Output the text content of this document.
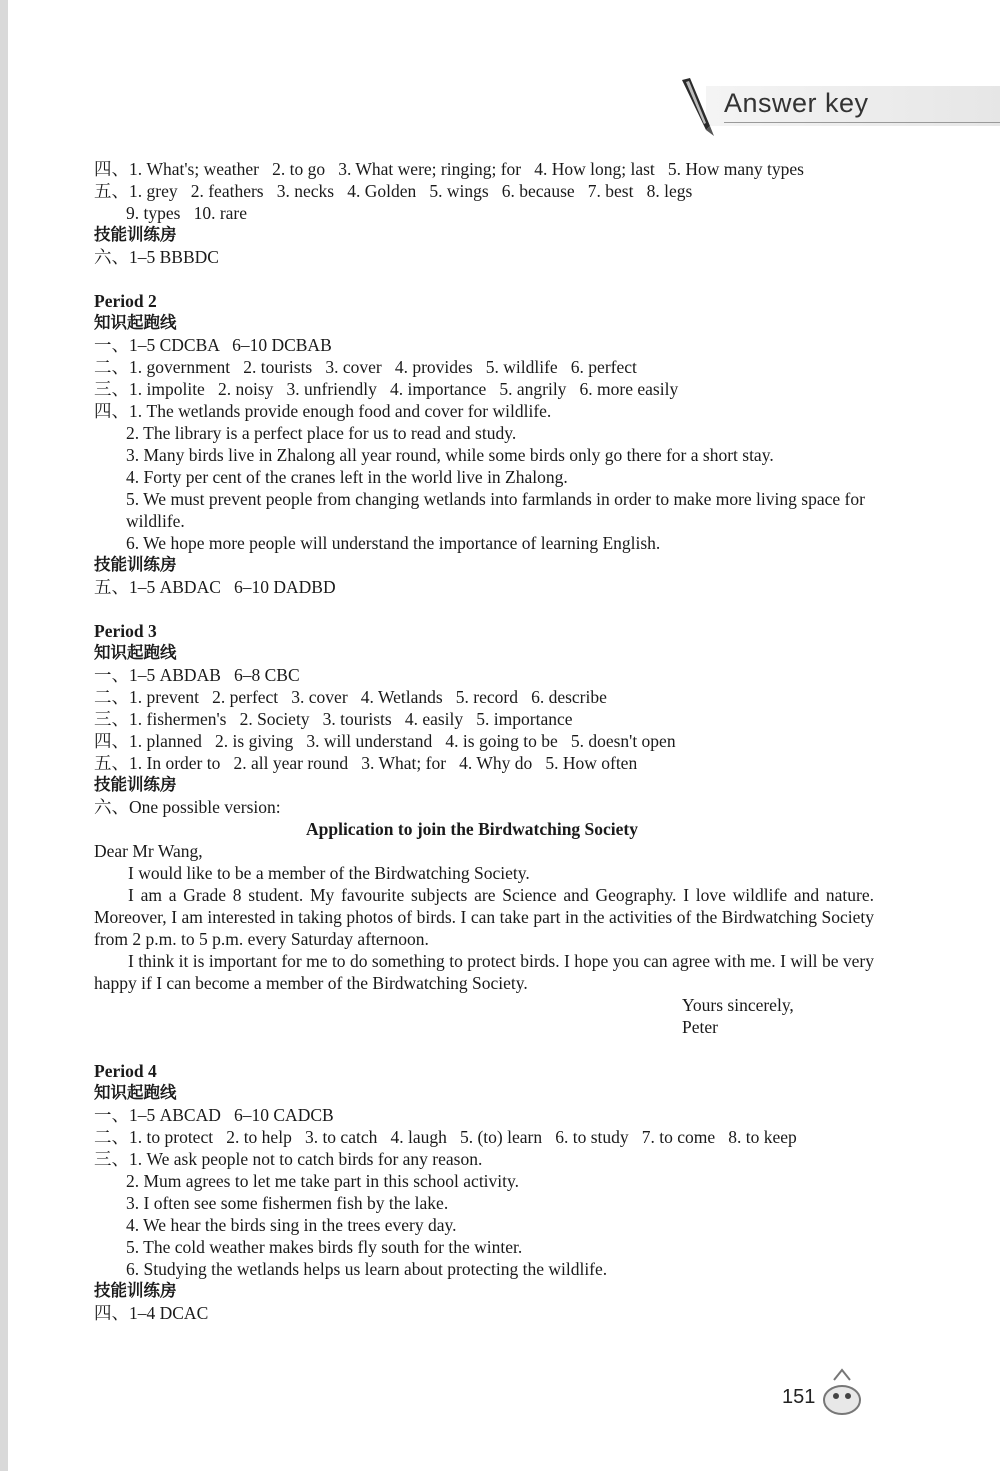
Answer key
四、1. What's; weather   2. to go   3. What were; ringing; for   4. How long; last   5. How many types
五、1. grey   2. feathers   3. necks   4. Golden   5. wings   6. because   7. best   8. legs
9. types   10. rare
技能训练房
六、1–5 BBBDC
Period 2
知识起跑线
一、1–5 CDCBA   6–10 DCBAB
二、1. government   2. tourists   3. cover   4. provides   5. wildlife   6. perfect
三、1. impolite   2. noisy   3. unfriendly   4. importance   5. angrily   6. more easily
四、1. The wetlands provide enough food and cover for wildlife.
2. The library is a perfect place for us to read and study.
3. Many birds live in Zhalong all year round, while some birds only go there for a short stay.
4. Forty per cent of the cranes left in the world live in Zhalong.
5. We must prevent people from changing wetlands into farmlands in order to make more living space for wildlife.
6. We hope more people will understand the importance of learning English.
技能训练房
五、1–5 ABDAC   6–10 DADBD
Period 3
知识起跑线
一、1–5 ABDAB   6–8 CBC
二、1. prevent   2. perfect   3. cover   4. Wetlands   5. record   6. describe
三、1. fishermen's   2. Society   3. tourists   4. easily   5. importance
四、1. planned   2. is giving   3. will understand   4. is going to be   5. doesn't open
五、1. In order to   2. all year round   3. What; for   4. Why do   5. How often
技能训练房
六、One possible version:
Application to join the Birdwatching Society
Dear Mr Wang,
I would like to be a member of the Birdwatching Society.
I am a Grade 8 student. My favourite subjects are Science and Geography. I love wildlife and nature. Moreover, I am interested in taking photos of birds. I can take part in the activities of the Birdwatching Society from 2 p.m. to 5 p.m. every Saturday afternoon.
I think it is important for me to do something to protect birds. I hope you can agree with me. I will be very happy if I can become a member of the Birdwatching Society.
Yours sincerely,
Peter
Period 4
知识起跑线
一、1–5 ABCAD   6–10 CADCB
二、1. to protect   2. to help   3. to catch   4. laugh   5. (to) learn   6. to study   7. to come   8. to keep
三、1. We ask people not to catch birds for any reason.
2. Mum agrees to let me take part in this school activity.
3. I often see some fishermen fish by the lake.
4. We hear the birds sing in the trees every day.
5. The cold weather makes birds fly south for the winter.
6. Studying the wetlands helps us learn about protecting the wildlife.
技能训练房
四、1–4 DCAC
151
